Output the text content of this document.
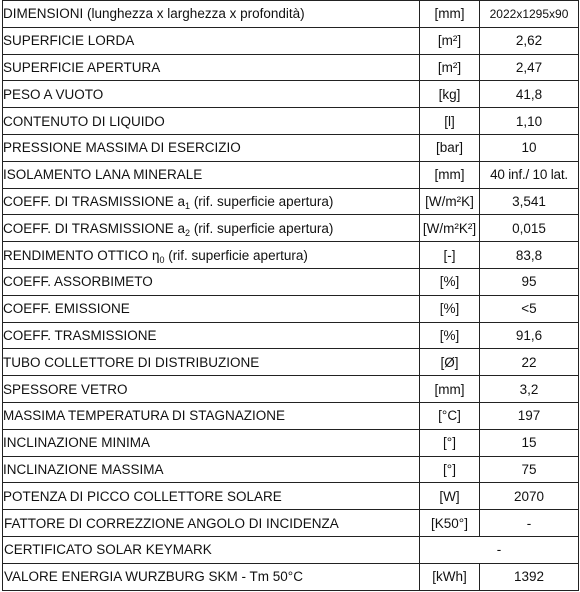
DIMENSIONI (lunghezza x larghezza x profondità)	[mm]	2022x1295x90
SUPERFICIE LORDA	[m²]	2,62
SUPERFICIE APERTURA	[m²]	2,47
PESO A VUOTO	[kg]	41,8
CONTENUTO DI LIQUIDO	[l]	1,10
PRESSIONE MASSIMA DI ESERCIZIO	[bar]	10
ISOLAMENTO LANA MINERALE	[mm]	40 inf./ 10 lat.
COEFF. DI TRASMISSIONE $a_1$ (rif. superficie apertura)	[W/m²K]	3,541
COEFF. DI TRASMISSIONE $a_2$ (rif. superficie apertura)	[W/m²K²]	0,015
RENDIMENTO OTTICO $\eta_0$ (rif. superficie apertura)	[-]	83,8
COEFF. ASSORBIMETO	[%]	95
COEFF. EMISSIONE	[%]	<5
COEFF. TRASMISSIONE	[%]	91,6
TUBO COLLETTORE DI DISTRIBUZIONE	[Ø]	22
SPESSORE VETRO	[mm]	3,2
MASSIMA TEMPERATURA DI STAGNAZIONE	[°C]	197
INCLINAZIONE MINIMA	[°]	15
INCLINAZIONE MASSIMA	[°]	75
POTENZA DI PICCO COLLETTORE SOLARE	[W]	2070
FATTORE DI CORREZZIONE ANGOLO DI INCIDENZA	[K50°]	-
CERTIFICATO SOLAR KEYMARK	-	
VALORE ENERGIA WURZBURG SKM - Tm 50°C	[kWh]	1392
